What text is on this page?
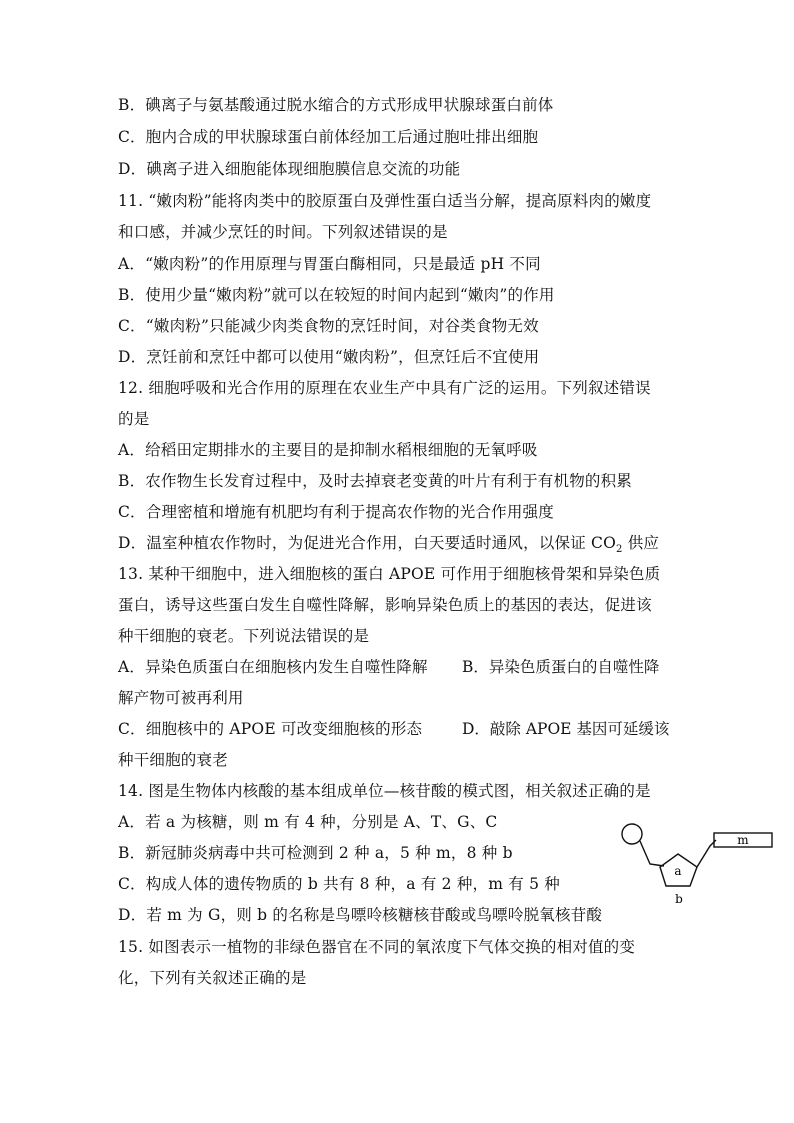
B．碘离子与氨基酸通过脱水缩合的方式形成甲状腺球蛋白前体
C．胞内合成的甲状腺球蛋白前体经加工后通过胞吐排出细胞
D．碘离子进入细胞能体现细胞膜信息交流的功能
11. “嫩肉粉”能将肉类中的胶原蛋白及弹性蛋白适当分解，提高原料肉的嫩度
和口感，并减少烹饪的时间。下列叙述错误的是
A．“嫩肉粉”的作用原理与胃蛋白酶相同，只是最适 pH 不同
B．使用少量“嫩肉粉”就可以在较短的时间内起到“嫩肉”的作用
C．“嫩肉粉”只能减少肉类食物的烹饪时间，对谷类食物无效
D．烹饪前和烹饪中都可以使用“嫩肉粉”，但烹饪后不宜使用
12. 细胞呼吸和光合作用的原理在农业生产中具有广泛的运用。下列叙述错误
的是
A．给稻田定期排水的主要目的是抑制水稻根细胞的无氧呼吸
B．农作物生长发育过程中，及时去掉衰老变黄的叶片有利于有机物的积累
C．合理密植和增施有机肥均有利于提高农作物的光合作用强度
D．温室种植农作物时，为促进光合作用，白天要适时通风，以保证 $CO_2$ 供应
13. 某种干细胞中，进入细胞核的蛋白 APOE 可作用于细胞核骨架和异染色质
蛋白，诱导这些蛋白发生自噬性降解，影响异染色质上的基因的表达，促进该
种干细胞的衰老。下列说法错误的是
A．异染色质蛋白在细胞核内发生自噬性降解 B．异染色质蛋白的自噬性降
解产物可被再利用
C．细胞核中的 APOE 可改变细胞核的形态	D．敲除 APOE 基因可延缓该
种干细胞的衰老
14. 图是生物体内核酸的基本组成单位—核苷酸的模式图，相关叙述正确的是
A．若 a 为核糖，则 m 有 4 种，分别是 A、T、G、C
B．新冠肺炎病毒中共可检测到 2 种 a，5 种 m，8 种 b
C．构成人体的遗传物质的 b 共有 8 种，a 有 2 种，m 有 5 种
D．若 m 为 G，则 b 的名称是鸟嘌呤核糖核苷酸或鸟嘌呤脱氧核苷酸
15. 如图表示一植物的非绿色器官在不同的氧浓度下气体交换的相对值的变
化，下列有关叙述正确的是
m
a
b
